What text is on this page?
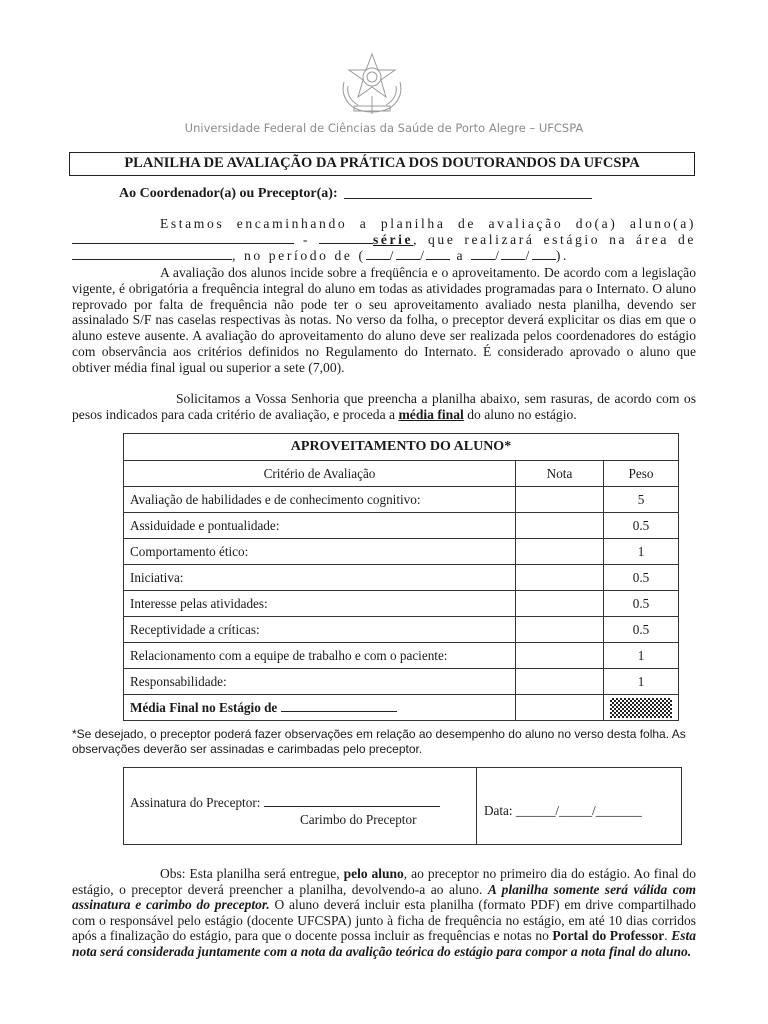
Universidade Federal de Ciências da Saúde de Porto Alegre – UFCSPA
PLANILHA DE AVALIAÇÃO DA PRÁTICA DOS DOUTORANDOS DA UFCSPA
Ao Coordenador(a) ou Preceptor(a):

Estamos encaminhando a planilha de avaliação do(a) aluno(a)  -	série, que realizará estágio na área de , no período de ( / / a / / ).

A avaliação dos alunos incide sobre a freqüência e o aproveitamento. De acordo com a legislação vigente, é obrigatória a frequência integral do aluno em todas as atividades programadas para o Internato. O aluno reprovado por falta de frequência não pode ter o seu aproveitamento avaliado nesta planilha, devendo ser assinalado S/F nas caselas respectivas às notas. No verso da folha, o preceptor deverá explicitar os dias em que o aluno esteve ausente. A avaliação do aproveitamento do aluno deve ser realizada pelos coordenadores do estágio com observância aos critérios definidos no Regulamento do Internato. É considerado aprovado o aluno que obtiver média final igual ou superior a sete (7,00).

Solicitamos a Vossa Senhoria que preencha a planilha abaixo, sem rasuras, de acordo com os pesos indicados para cada critério de avaliação, e proceda a média final do aluno no estágio.

APROVEITAMENTO DO ALUNO*		
Critério de Avaliação	Nota	Peso
Avaliação de habilidades e de conhecimento cognitivo:		5
Assiduidade e pontualidade:		0.5
Comportamento ético:		1
Iniciativa:		0.5
Interesse pelas atividades:		0.5
Receptividade a críticas:		0.5
Relacionamento com a equipe de trabalho e com o paciente:		1
Responsabilidade:		1
Média Final no Estágio de		
*Se desejado, o preceptor poderá fazer observações em relação ao desempenho do aluno no verso desta folha. As observações deverão ser assinadas e carimbadas pelo preceptor.
Assinatura do Preceptor:
Carimbo do Preceptor
Data: ______/_____/_______

Obs: Esta planilha será entregue, pelo aluno, ao preceptor no primeiro dia do estágio. Ao final do estágio, o preceptor deverá preencher a planilha, devolvendo-a ao aluno. A planilha somente será válida com assinatura e carimbo do preceptor. O aluno deverá incluir esta planilha (formato PDF) em drive compartilhado com o responsável pelo estágio (docente UFCSPA) junto à ficha de frequência no estágio, em até 10 dias corridos após a finalização do estágio, para que o docente possa incluir as frequências e notas no Portal do Professor. Esta nota será considerada juntamente com a nota da avalição teórica do estágio para compor a nota final do aluno.
